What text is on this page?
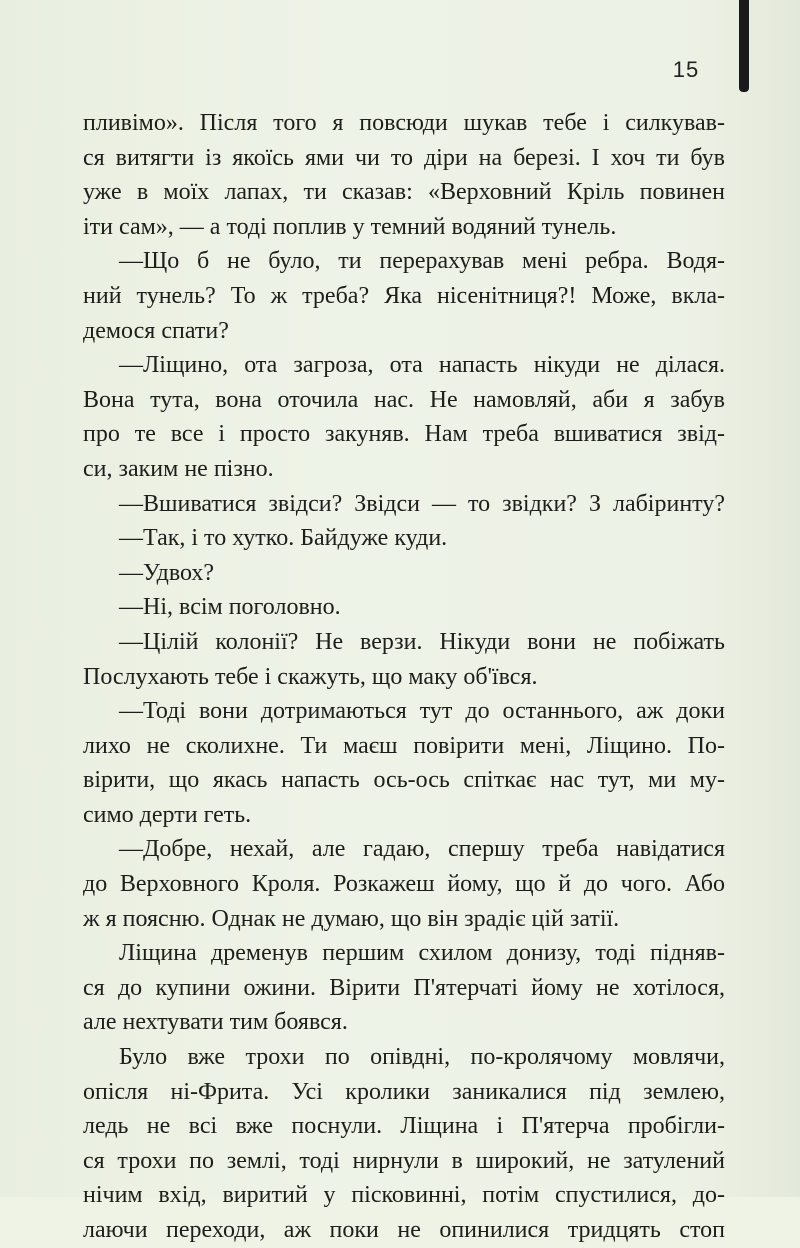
15
пливімо». Після того я повсюди шукав тебе і силкував-
ся витягти із якоїсь ями чи то діри на березі. І хоч ти був
уже в моїх лапах, ти сказав: «Верховний Кріль повинен
іти сам», — а тоді поплив у темний водяний тунель.
—Що б не було, ти перерахував мені ребра. Водя-
ний тунель? То ж треба? Яка нісенітниця?! Може, вкла-
демося спати?
—Ліщино, ота загроза, ота напасть нікуди не ділася.
Вона тута, вона оточила нас. Не намовляй, аби я забув
про те все і просто закуняв. Нам треба вшиватися звід-
си, заким не пізно.
—Вшиватися звідси? Звідси — то звідки? З лабіринту?
—Так, і то хутко. Байдуже куди.
—Удвох?
—Ні, всім поголовно.
—Цілій колонії? Не верзи. Нікуди вони не побіжать
Послухають тебе і скажуть, що маку об'ївся.
—Тоді вони дотримаються тут до останнього, аж доки
лихо не сколихне. Ти маєш повірити мені, Ліщино. По-
вірити, що якась напасть ось-ось спіткає нас тут, ми му-
симо дерти геть.
—Добре, нехай, але гадаю, спершу треба навідатися
до Верховного Кроля. Розкажеш йому, що й до чого. Або
ж я поясню. Однак не думаю, що він зрадіє цій затії.
Ліщина дременув першим схилом донизу, тоді підняв-
ся до купини ожини. Вірити П'ятерчаті йому не хотілося,
але нехтувати тим боявся.
Було вже трохи по опівдні, по-кролячому мовлячи,
опісля ні-Фрита. Усі кролики заникалися під землею,
ледь не всі вже поснули. Ліщина і П'ятерча пробігли-
ся трохи по землі, тоді нирнули в широкий, не затулений
нічим вхід, виритий у пісковинні, потім спустилися, до-
лаючи переходи, аж поки не опинилися тридцять стоп
